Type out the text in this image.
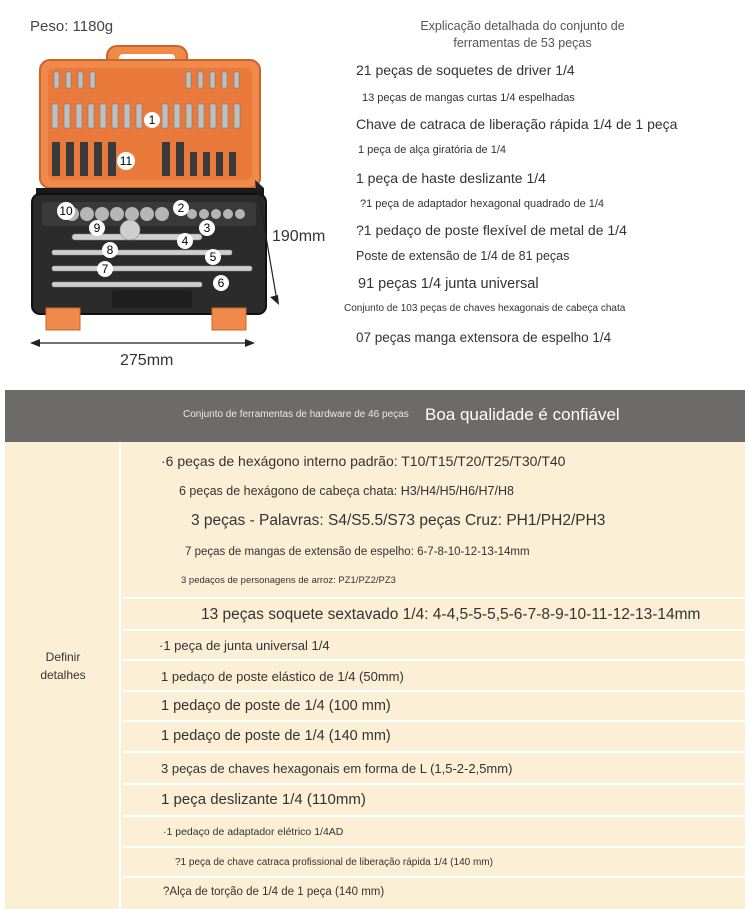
Peso: 1180g
1
2
3
4
5
6
7
8
9
10
11
275mm
190mm
Explicação detalhada do conjunto de
ferramentas de 53 peças
21 peças de soquetes de driver 1/4
13 peças de mangas curtas 1/4 espelhadas
Chave de catraca de liberação rápida 1/4 de 1 peça
1 peça de alça giratória de 1/4
1 peça de haste deslizante 1/4
?1 peça de adaptador hexagonal quadrado de 1/4
?1 pedaço de poste flexível de metal de 1/4
Poste de extensão de 1/4 de 81 peças
91 peças 1/4 junta universal
Conjunto de 103 peças de chaves hexagonais de cabeça chata
07 peças manga extensora de espelho 1/4
Conjunto de ferramentas de hardware de 46 peças Boa qualidade é confiável
Definir
detalhes
·6 peças de hexágono interno padrão: T10/T15/T20/T25/T30/T40
6 peças de hexágono de cabeça chata: H3/H4/H5/H6/H7/H8
3 peças - Palavras: S4/S5.5/S73 peças Cruz: PH1/PH2/PH3
7 peças de mangas de extensão de espelho: 6-7-8-10-12-13-14mm
3 pedaços de personagens de arroz: PZ1/PZ2/PZ3
13 peças soquete sextavado 1/4: 4-4,5-5-5,5-6-7-8-9-10-11-12-13-14mm
·1 peça de junta universal 1/4
1 pedaço de poste elástico de 1/4 (50mm)
1 pedaço de poste de 1/4 (100 mm)
1 pedaço de poste de 1/4 (140 mm)
3 peças de chaves hexagonais em forma de L (1,5-2-2,5mm)
1 peça deslizante 1/4 (110mm)
·1 pedaço de adaptador elétrico 1/4AD
?1 peça de chave catraca profissional de liberação rápida 1/4 (140 mm)
?Alça de torção de 1/4 de 1 peça (140 mm)
